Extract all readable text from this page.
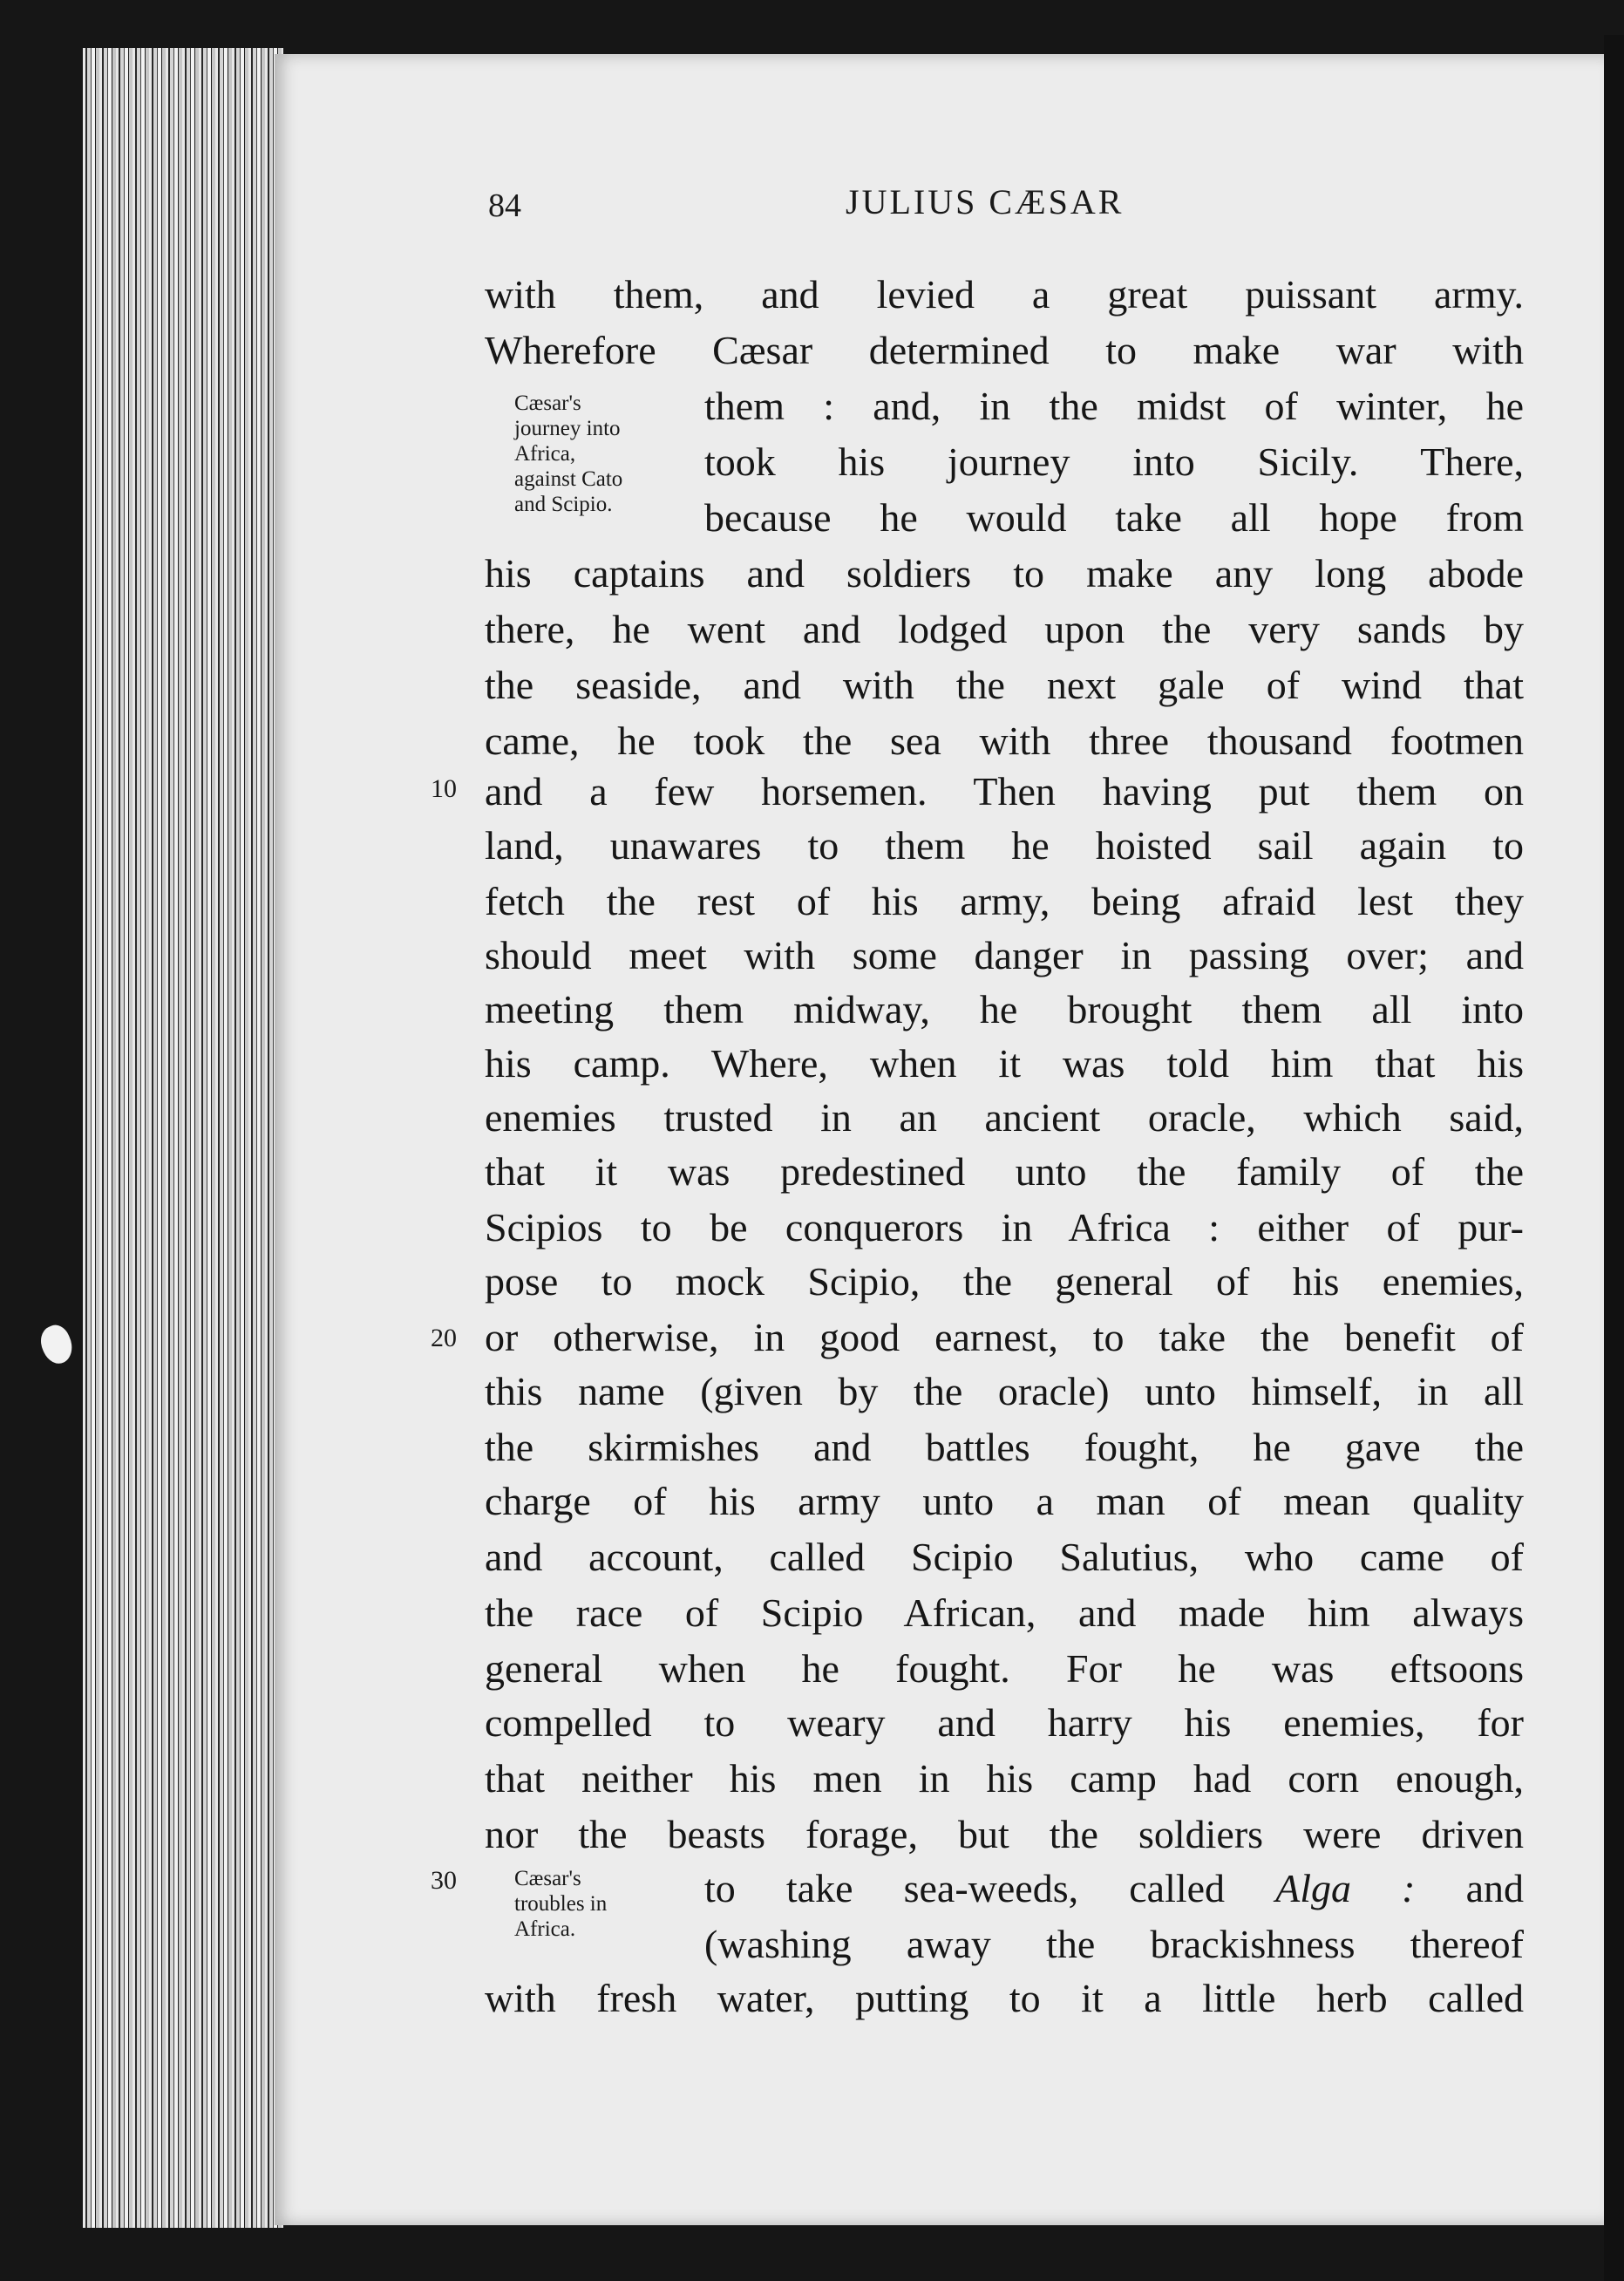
84	JULIUS CÆSAR
Cæsar's
journey into
Africa,
against Cato
and Scipio.
Cæsar's
troubles in
Africa.
10
20
30
with them, and levied a great puissant army.
Wherefore Cæsar determined to make war with
them : and, in the midst of winter, he
took his journey into Sicily. There,
because he would take all hope from
his captains and soldiers to make any long abode
there, he went and lodged upon the very sands by
the seaside, and with the next gale of wind that
came, he took the sea with three thousand footmen
and a few horsemen. Then having put them on
land, unawares to them he hoisted sail again to
fetch the rest of his army, being afraid lest they
should meet with some danger in passing over; and
meeting them midway, he brought them all into
his camp. Where, when it was told him that his
enemies trusted in an ancient oracle, which said,
that it was predestined unto the family of the
Scipios to be conquerors in Africa : either of pur-
pose to mock Scipio, the general of his enemies,
or otherwise, in good earnest, to take the benefit of
this name (given by the oracle) unto himself, in all
the skirmishes and battles fought, he gave the
charge of his army unto a man of mean quality
and account, called Scipio Salutius, who came of
the race of Scipio African, and made him always
general when he fought. For he was eftsoons
compelled to weary and harry his enemies, for
that neither his men in his camp had corn enough,
nor the beasts forage, but the soldiers were driven
to take sea-weeds, called Alga : and
(washing away the brackishness thereof
with fresh water, putting to it a little herb called
